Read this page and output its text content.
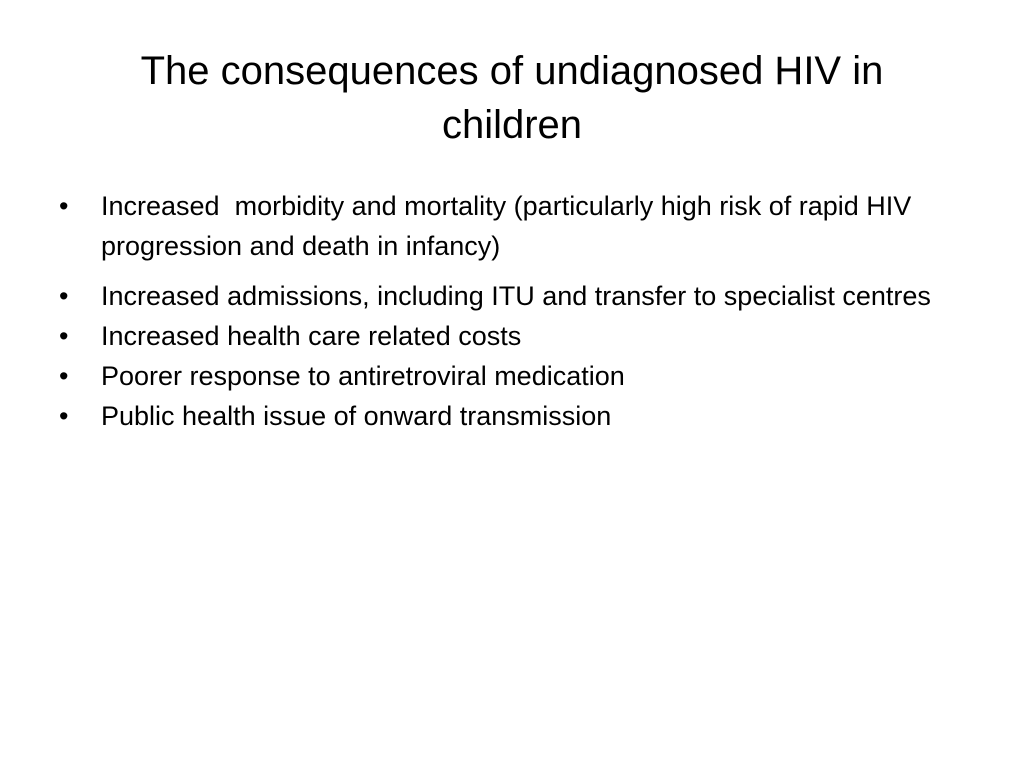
The consequences of undiagnosed HIV in children
• Increased  morbidity and mortality (particularly high risk of rapid HIV progression and death in infancy)
• Increased admissions, including ITU and transfer to specialist centres
• Increased health care related costs
• Poorer response to antiretroviral medication
• Public health issue of onward transmission
